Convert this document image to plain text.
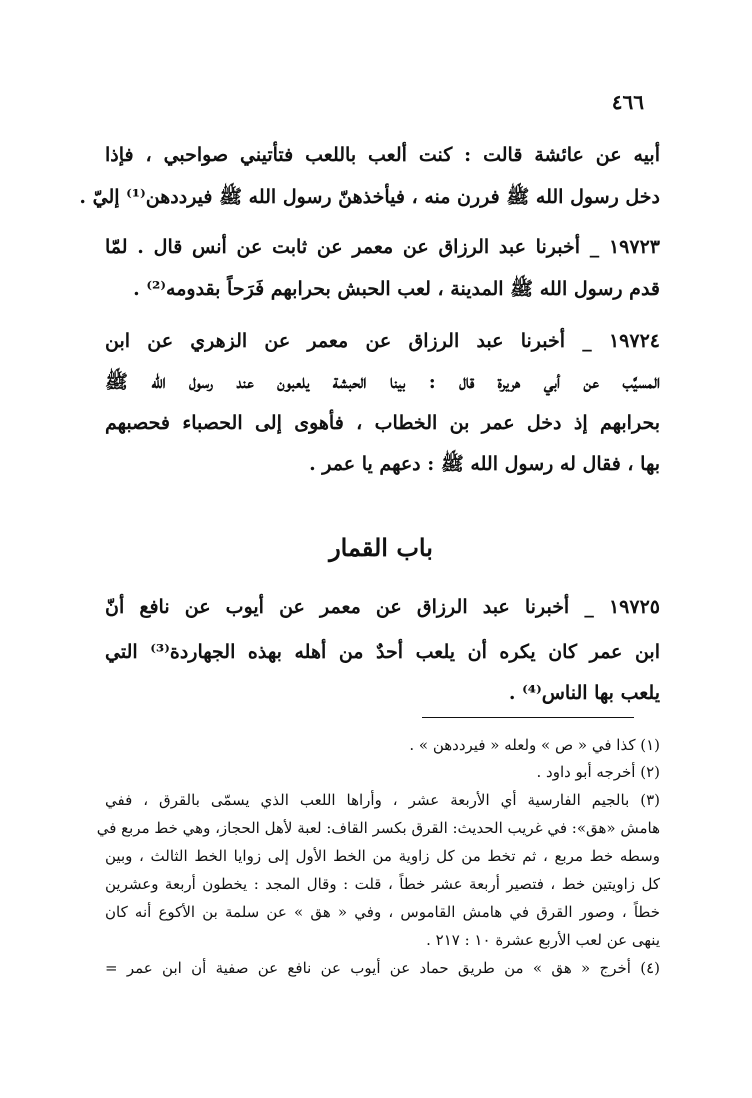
٤٦٦
أبيه عن عائشة قالت : كنت ألعب باللعب فتأتيني صواحبي ، فإذا
دخل رسول الله ﷺ فررن منه ، فيأخذهنّ رسول الله ﷺ فيرددهن⁽¹⁾ إليّ .
١٩٧٢٣ _ أخبرنا عبد الرزاق عن معمر عن ثابت عن أنس قال . لمّا
قدم رسول الله ﷺ المدينة ، لعب الحبش بحرابهم فَرَحاً بقدومه⁽²⁾ .
١٩٧٢٤ _ أخبرنا عبد الرزاق عن معمر عن الزهري عن ابن
المسيَّب عن أبي هريرة قال : بينا الحبشة يلعبون عند رسول الله ﷺ
بحرابهم إذ دخل عمر بن الخطاب ، فأهوى إلى الحصباء فحصبهم
بها ، فقال له رسول الله ﷺ : دعهم يا عمر .
باب القمار
١٩٧٢٥ _ أخبرنا عبد الرزاق عن معمر عن أيوب عن نافع أنّ
ابن عمر كان يكره أن يلعب أحدٌ من أهله بهذه الجهاردة⁽³⁾ التي
يلعب بها الناس⁽⁴⁾ .
(١) كذا في « ص » ولعله « فيرددهن » .
(٢) أخرجه أبو داود .
(٣) بالجيم الفارسية أي الأربعة عشر ، وأراها اللعب الذي يسمّى بالقرق ، ففي
هامش «هق»: في غريب الحديث: القرق بكسر القاف: لعبة لأهل الحجاز، وهي خط مربع في
وسطه خط مربع ، ثم تخط من كل زاوية من الخط الأول إلى زوايا الخط الثالث ، وبين
كل زاويتين خط ، فتصير أربعة عشر خطاً ، قلت : وقال المجد : يخطون أربعة وعشرين
خطاً ، وصور القرق في هامش القاموس ، وفي « هق » عن سلمة بن الأكوع أنه كان
ينهى عن لعب الأربع عشرة ١٠ : ٢١٧ .
(٤) أخرج « هق » من طريق حماد عن أيوب عن نافع عن صفية أن ابن عمر =
